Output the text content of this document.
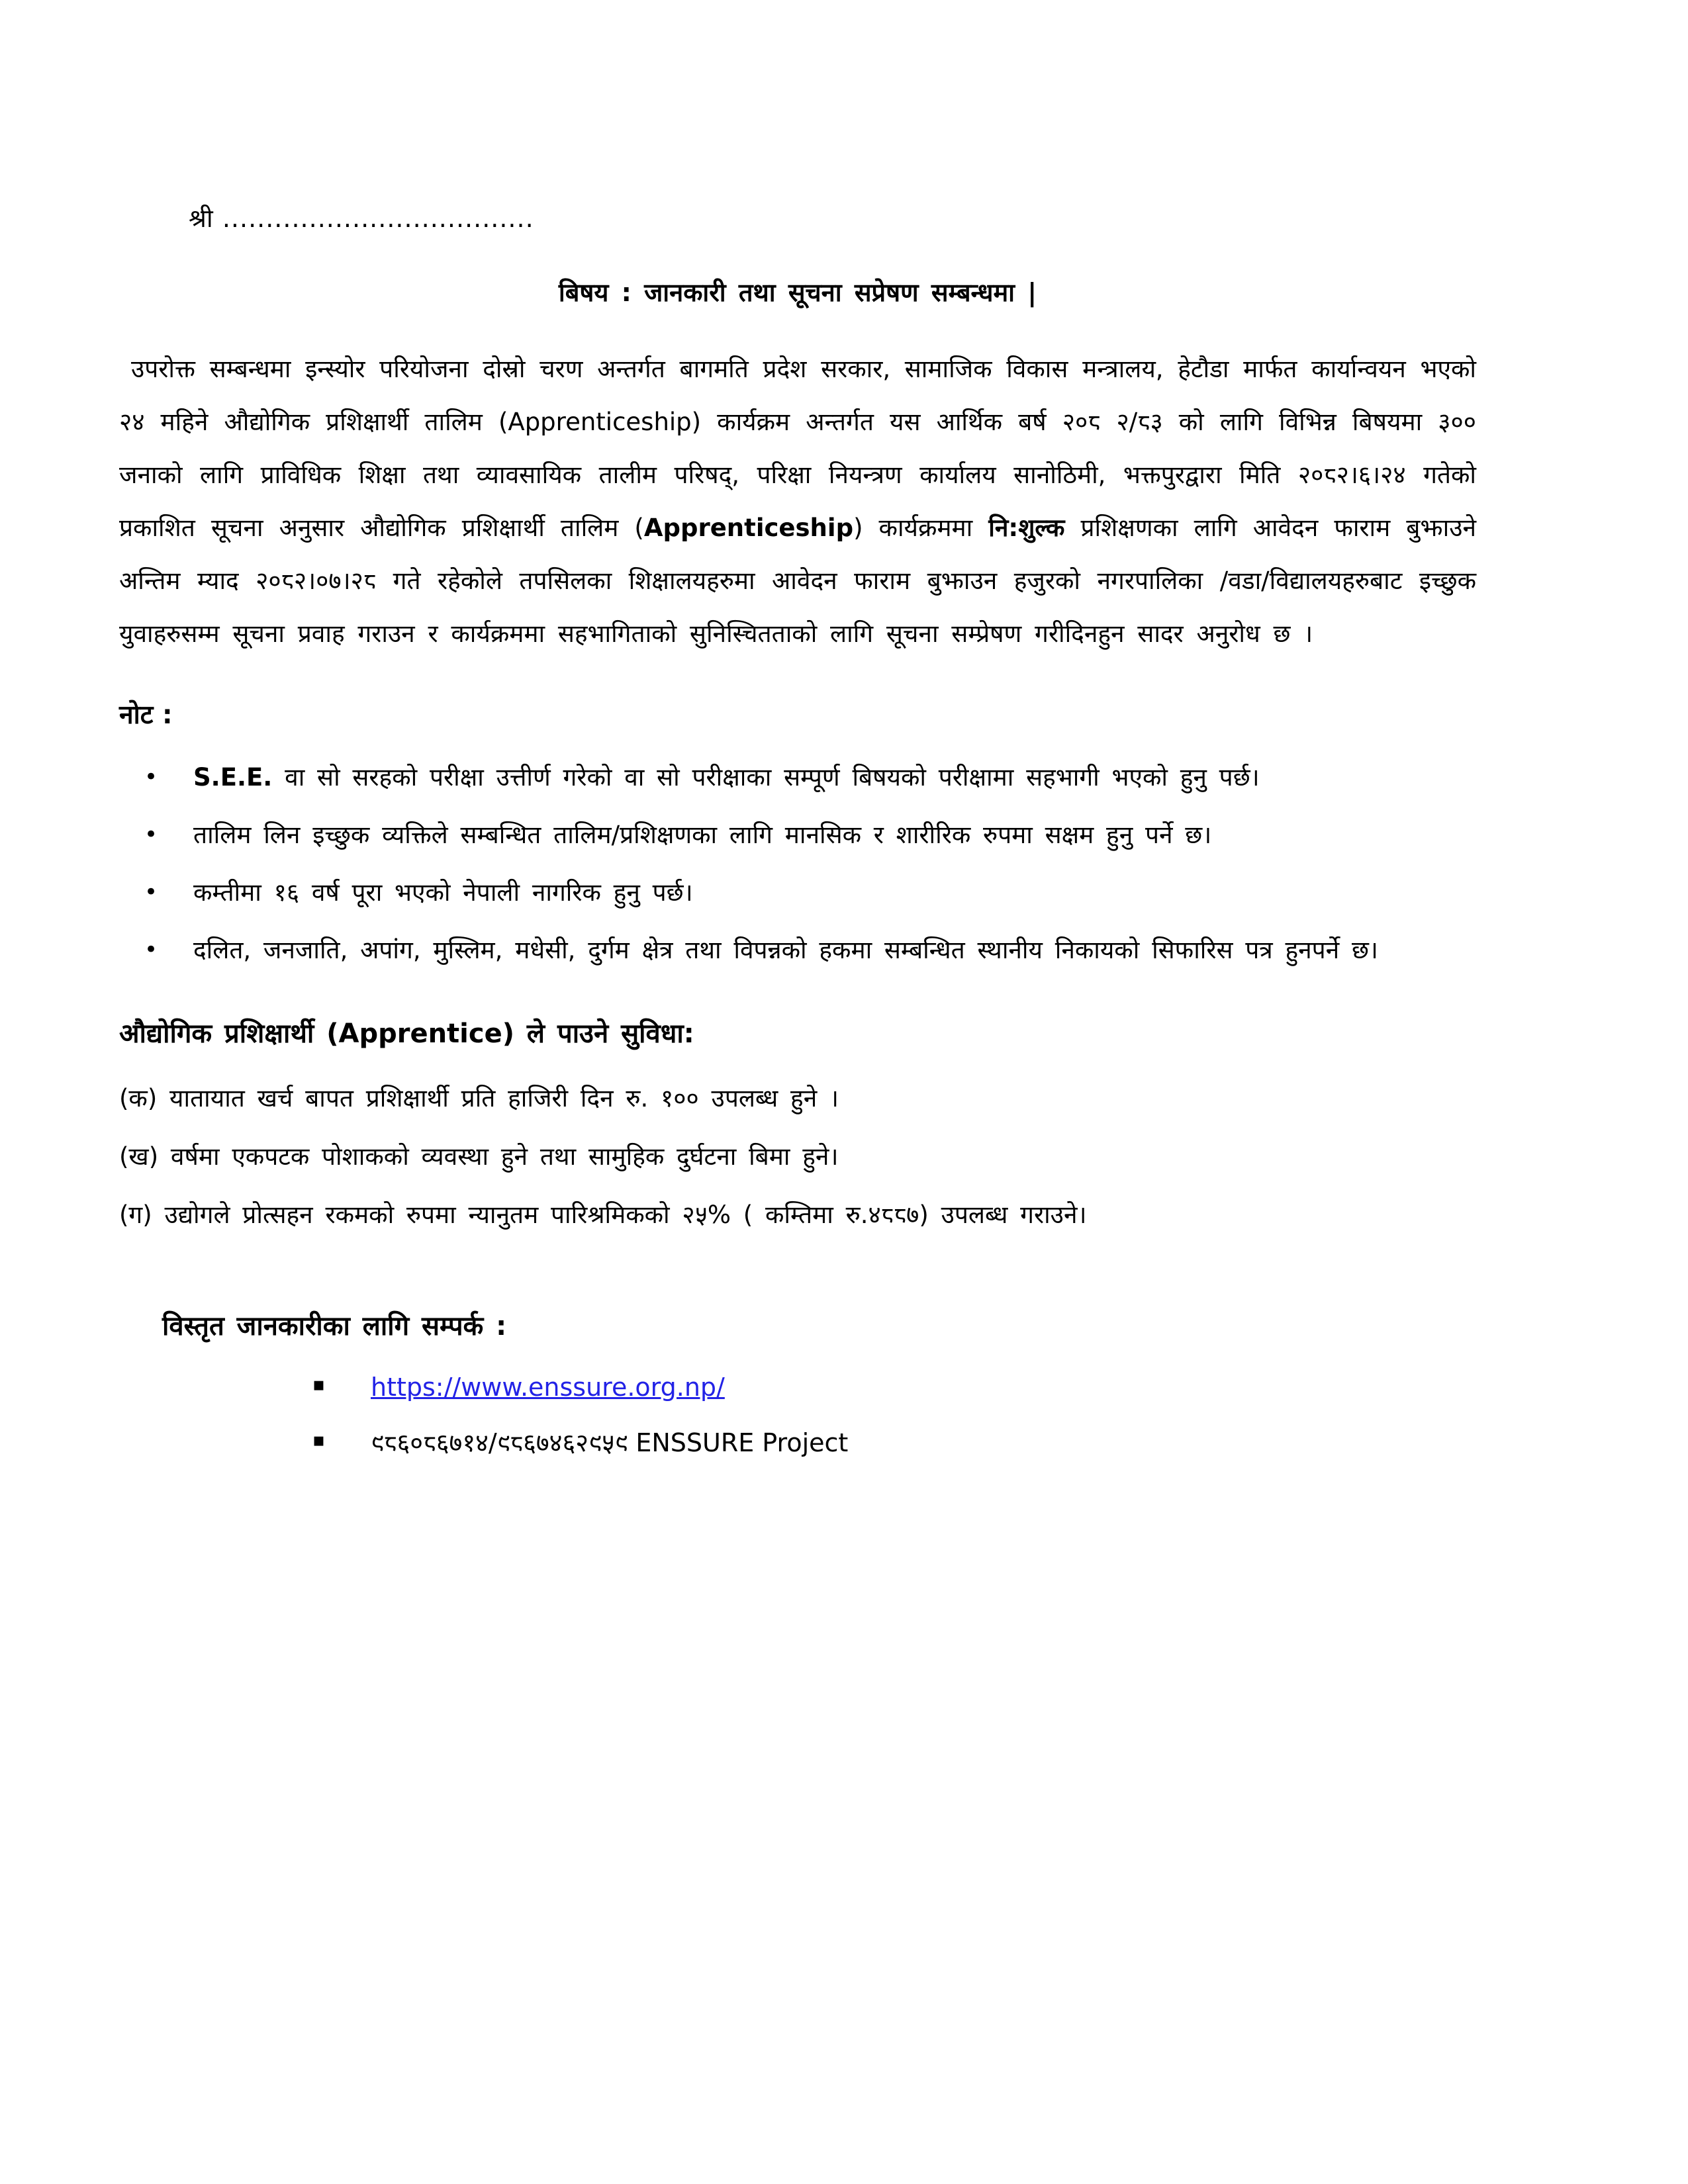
श्री ....................................
बिषय : जानकारी तथा सूचना सप्रेषण सम्बन्धमा |

उपरोक्त सम्बन्धमा इन्स्योर परियोजना दोस्रो चरण अन्तर्गत बागमति प्रदेश सरकार, सामाजिक विकास मन्त्रालय, हेटौडा मार्फत कार्यान्वयन भएको २४ महिने औद्योगिक प्रशिक्षार्थी तालिम (Apprenticeship) कार्यक्रम अन्तर्गत यस आर्थिक बर्ष २०८ २/८३ को लागि विभिन्न बिषयमा ३०० जनाको लागि प्राविधिक शिक्षा तथा व्यावसायिक तालीम परिषद्, परिक्षा नियन्त्रण कार्यालय सानोठिमी, भक्तपुरद्वारा मिति २०८२।६।२४ गतेको प्रकाशित सूचना अनुसार औद्योगिक प्रशिक्षार्थी तालिम (Apprenticeship) कार्यक्रममा नि:शुल्क प्रशिक्षणका लागि आवेदन फाराम बुझाउने अन्तिम म्याद २०८२।०७।२८ गते रहेकोले तपसिलका शिक्षालयहरुमा आवेदन फाराम बुझाउन हजुरको नगरपालिका /वडा/विद्यालयहरुबाट इच्छुक युवाहरुसम्म सूचना प्रवाह गराउन र कार्यक्रममा सहभागिताको सुनिस्चितताको लागि सूचना सम्प्रेषण गरीदिनहुन सादर अनुरोध छ ।

नोट :
• S.E.E. वा सो सरहको परीक्षा उत्तीर्ण गरेको वा सो परीक्षाका सम्पूर्ण बिषयको परीक्षामा सहभागी भएको हुनु पर्छ।
• तालिम लिन इच्छुक व्यक्तिले सम्बन्धित तालिम/प्रशिक्षणका लागि मानसिक र शारीरिक रुपमा सक्षम हुनु पर्ने छ।
• कम्तीमा १६ वर्ष पूरा भएको नेपाली नागरिक हुनु पर्छ।
• दलित, जनजाति, अपांग, मुस्लिम, मधेसी, दुर्गम क्षेत्र तथा विपन्नको हकमा सम्बन्धित स्थानीय निकायको सिफारिस पत्र हुनपर्ने छ।
औद्योगिक प्रशिक्षार्थी (Apprentice) ले पाउने सुविधा:
(क) यातायात खर्च बापत प्रशिक्षार्थी प्रति हाजिरी दिन रु. १०० उपलब्ध हुने ।
(ख) वर्षमा एकपटक पोशाकको व्यवस्था हुने तथा सामुहिक दुर्घटना बिमा हुने।
(ग) उद्योगले प्रोत्सहन रकमको रुपमा न्यानुतम पारिश्रमिकको २५% ( कम्तिमा रु.४८८७) उपलब्ध गराउने।
विस्तृत जानकारीका लागि सम्पर्क :
▪ https://www.enssure.org.np/
▪ ९८६०८६७१४/९८६७४६२९५९ ENSSURE Project
